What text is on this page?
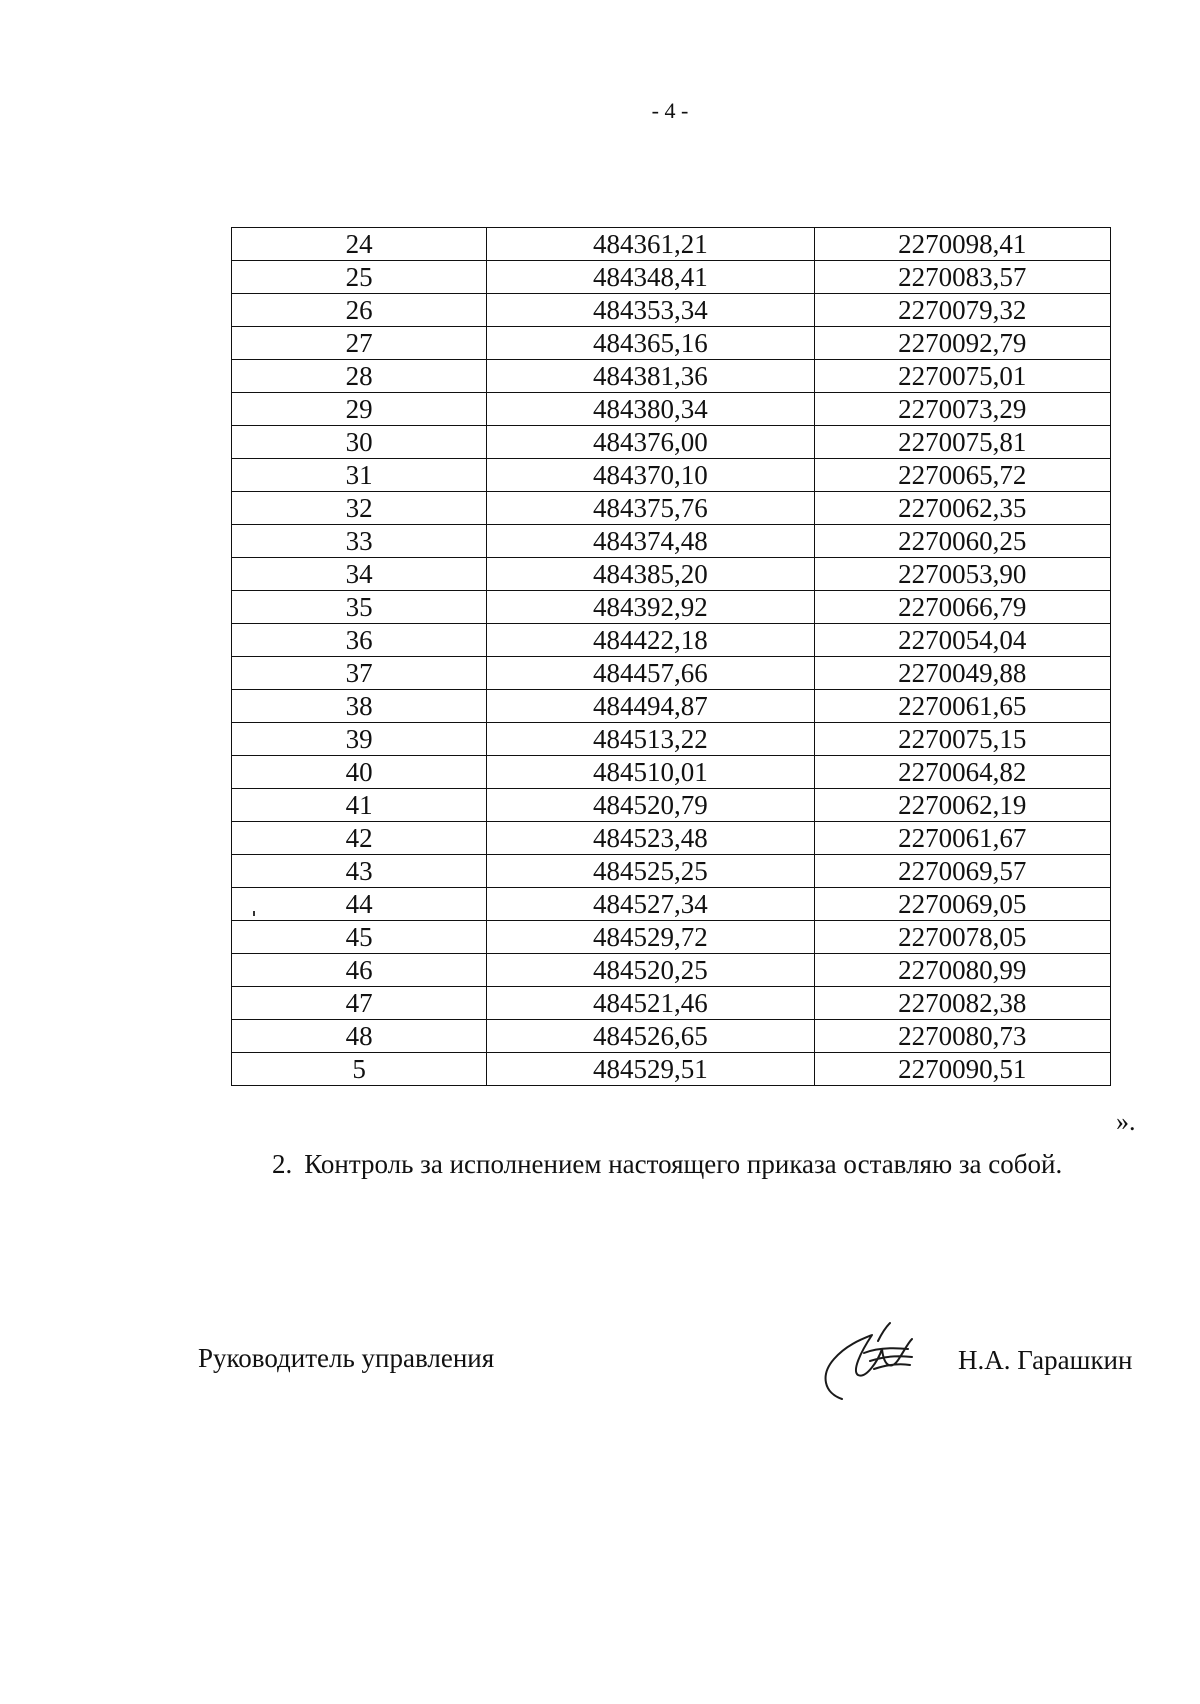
- 4 -
24	484361,21	2270098,41
25	484348,41	2270083,57
26	484353,34	2270079,32
27	484365,16	2270092,79
28	484381,36	2270075,01
29	484380,34	2270073,29
30	484376,00	2270075,81
31	484370,10	2270065,72
32	484375,76	2270062,35
33	484374,48	2270060,25
34	484385,20	2270053,90
35	484392,92	2270066,79
36	484422,18	2270054,04
37	484457,66	2270049,88
38	484494,87	2270061,65
39	484513,22	2270075,15
40	484510,01	2270064,82
41	484520,79	2270062,19
42	484523,48	2270061,67
43	484525,25	2270069,57
44	484527,34	2270069,05
45	484529,72	2270078,05
46	484520,25	2270080,99
47	484521,46	2270082,38
48	484526,65	2270080,73
5	484529,51	2270090,51
».
2. Контроль за исполнением настоящего приказа оставляю за собой.
Руководитель управления	Н.А. Гарашкин
